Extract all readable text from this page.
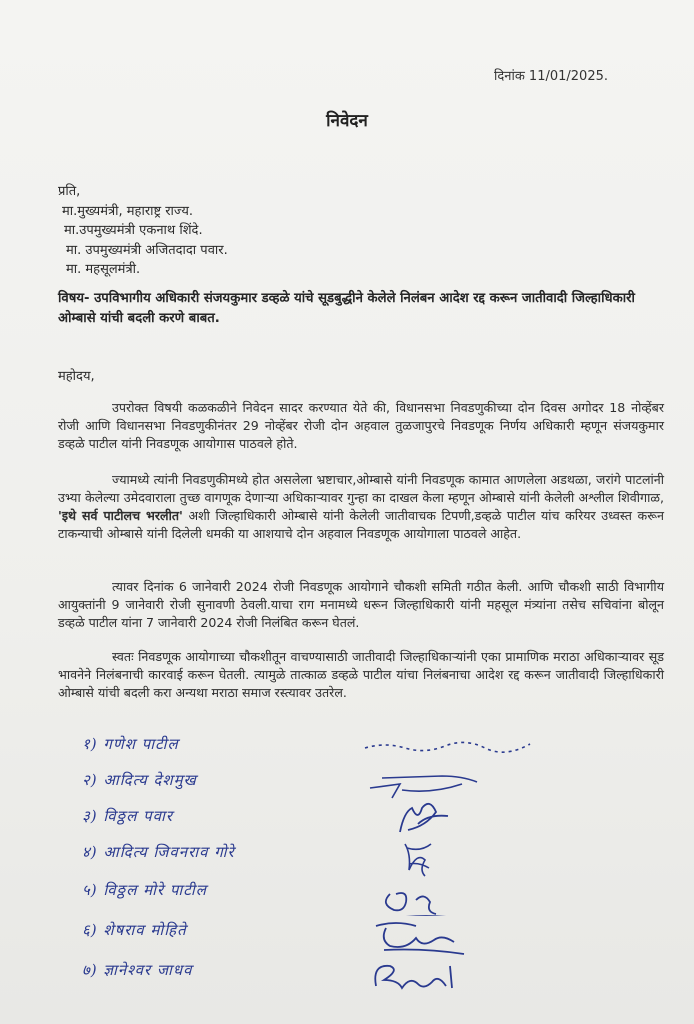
दिनांक 11/01/2025.
निवेदन
प्रति,
मा.मुख्यमंत्री, महाराष्ट्र राज्य.
मा.उपमुख्यमंत्री एकनाथ शिंदे.
मा. उपमुख्यमंत्री अजितदादा पवार.
मा. महसूलमंत्री.
विषय- उपविभागीय अधिकारी संजयकुमार डव्हळे यांचे सूडबुद्धीने केलेले निलंबन आदेश रद्द करून जातीवादी जिल्हाधिकारी ओम्बासे यांची बदली करणे बाबत.
महोदय,
उपरोक्त विषयी कळकळीने निवेदन सादर करण्यात येते की, विधानसभा निवडणुकीच्या दोन दिवस अगोदर 18 नोव्हेंबर रोजी आणि विधानसभा निवडणुकीनंतर 29 नोव्हेंबर रोजी दोन अहवाल तुळजापुरचे निवडणूक निर्णय अधिकारी म्हणून संजयकुमार डव्हळे पाटील यांनी निवडणूक आयोगास पाठवले होते.
ज्यामध्ये त्यांनी निवडणुकीमध्ये होत असलेला भ्रष्टाचार,ओम्बासे यांनी निवडणूक कामात आणलेला अडथळा, जरांगे पाटलांनी उभ्या केलेल्या उमेदवाराला तुच्छ वागणूक देणाऱ्या अधिकाऱ्यावर गुन्हा का दाखल केला म्हणून ओम्बासे यांनी केलेली अश्लील शिवीगाळ, 'इथे सर्व पाटीलच भरलीत' अशी जिल्हाधिकारी ओम्बासे यांनी केलेली जातीवाचक टिपणी,डव्हळे पाटील यांच करियर उध्वस्त करून टाकन्याची ओम्बासे यांनी दिलेली धमकी या आशयाचे दोन अहवाल निवडणूक आयोगाला पाठवले आहेत.
त्यावर दिनांक 6 जानेवारी 2024 रोजी निवडणूक आयोगाने चौकशी समिती गठीत केली. आणि चौकशी साठी विभागीय आयुक्तांनी 9 जानेवारी रोजी सुनावणी ठेवली.याचा राग मनामध्ये धरून जिल्हाधिकारी यांनी महसूल मंत्र्यांना तसेच सचिवांना बोलून डव्हळे पाटील यांना 7 जानेवारी 2024 रोजी निलंबित करून घेतलं.
स्वतः निवडणूक आयोगाच्या चौकशीतून वाचण्यासाठी जातीवादी जिल्हाधिकाऱ्यांनी एका प्रामाणिक मराठा अधिकाऱ्यावर सूड भावनेने निलंबनाची कारवाई करून घेतली. त्यामुळे तात्काळ डव्हळे पाटील यांचा निलंबनाचा आदेश रद्द करून जातीवादी जिल्हाधिकारी ओम्बासे यांची बदली करा अन्यथा मराठा समाज रस्त्यावर उतरेल.
१) गणेश पाटील
२) आदित्य देशमुख
३) विठ्ठल पवार
४) आदित्य जिवनराव गोरे
५) विठ्ठल मोरे पाटील
६) शेषराव मोहिते
७) ज्ञानेश्वर जाधव
